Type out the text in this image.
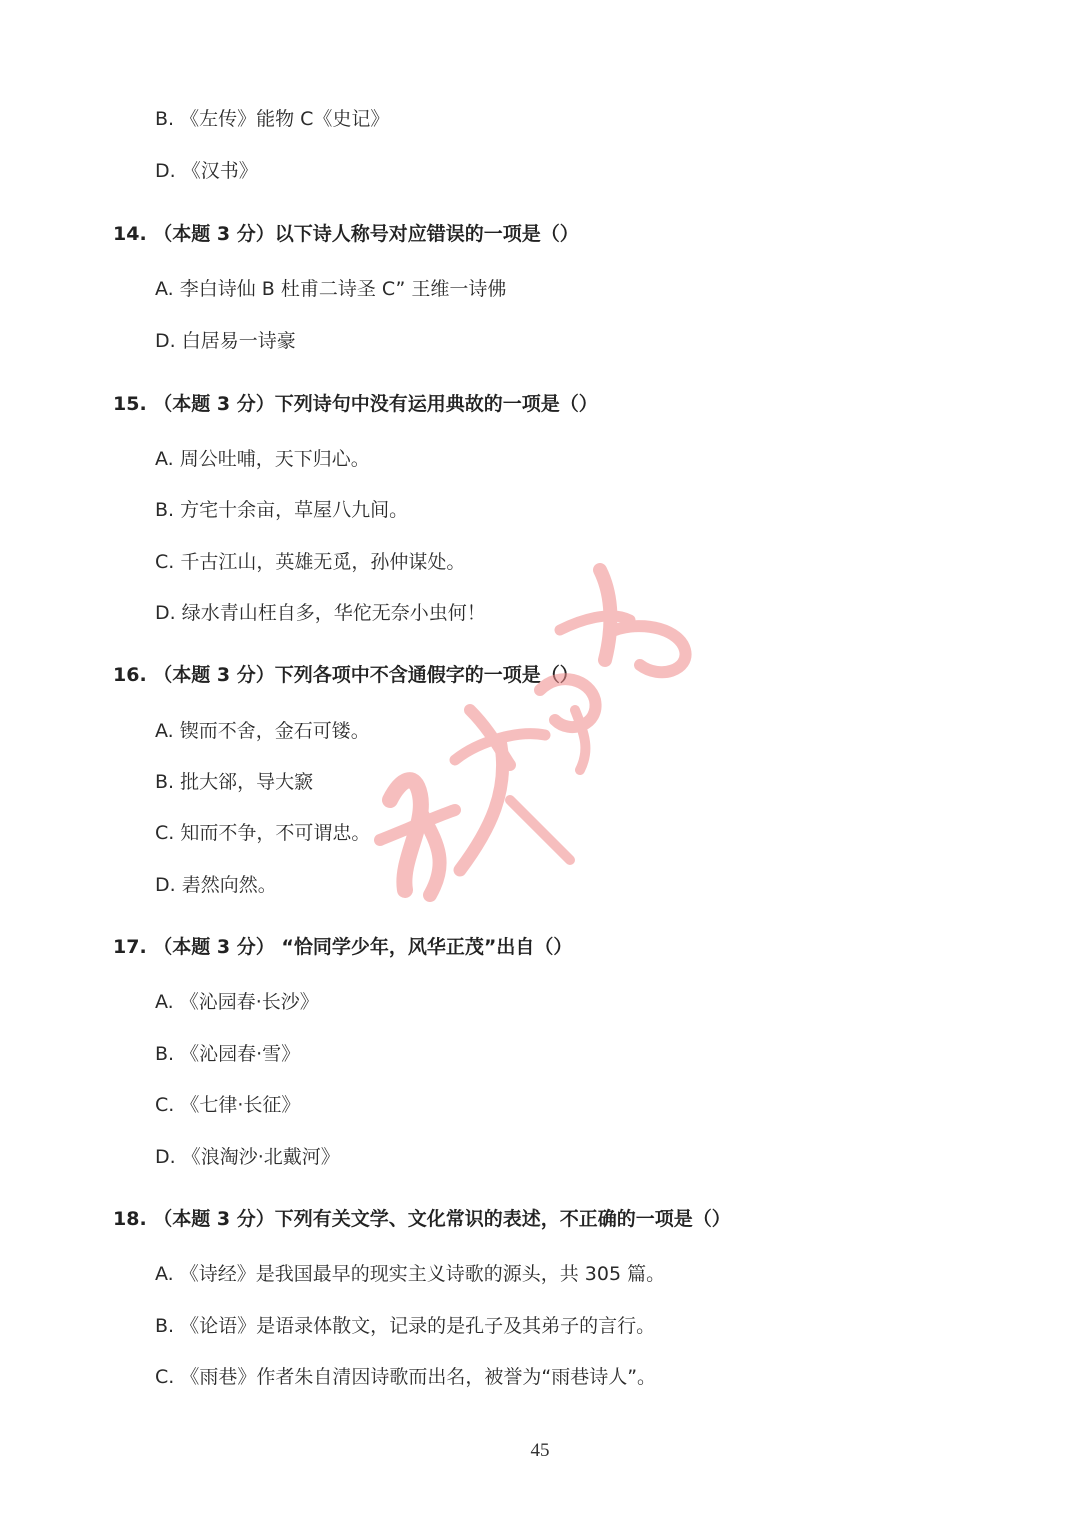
B. 《左传》能物 C《史记》
D. 《汉书》
14. （本题 3 分）以下诗人称号对应错误的一项是（）
A. 李白诗仙 B 杜甫二诗圣 C” 王维一诗佛
D. 白居易一诗豪
15. （本题 3 分）下列诗句中没有运用典故的一项是（）
A. 周公吐哺，天下归心。
B. 方宅十余亩，草屋八九间。
C. 千古江山，英雄无觅，孙仲谋处。
D. 绿水青山枉自多，华佗无奈小虫何！
16. （本题 3 分）下列各项中不含通假字的一项是（）
A. 锲而不舍，金石可镂。
B. 批大郤，导大窾
C. 知而不争，不可谓忠。
D. 砉然向然。
17. （本题 3 分） “恰同学少年，风华正茂”出自（）
A. 《沁园春·长沙》
B. 《沁园春·雪》
C. 《七律·长征》
D. 《浪淘沙·北戴河》
18. （本题 3 分）下列有关文学、文化常识的表述，不正确的一项是（）
A. 《诗经》是我国最早的现实主义诗歌的源头，共 305 篇。
B. 《论语》是语录体散文，记录的是孔子及其弟子的言行。
C. 《雨巷》作者朱自清因诗歌而出名，被誉为“雨巷诗人”。
45
